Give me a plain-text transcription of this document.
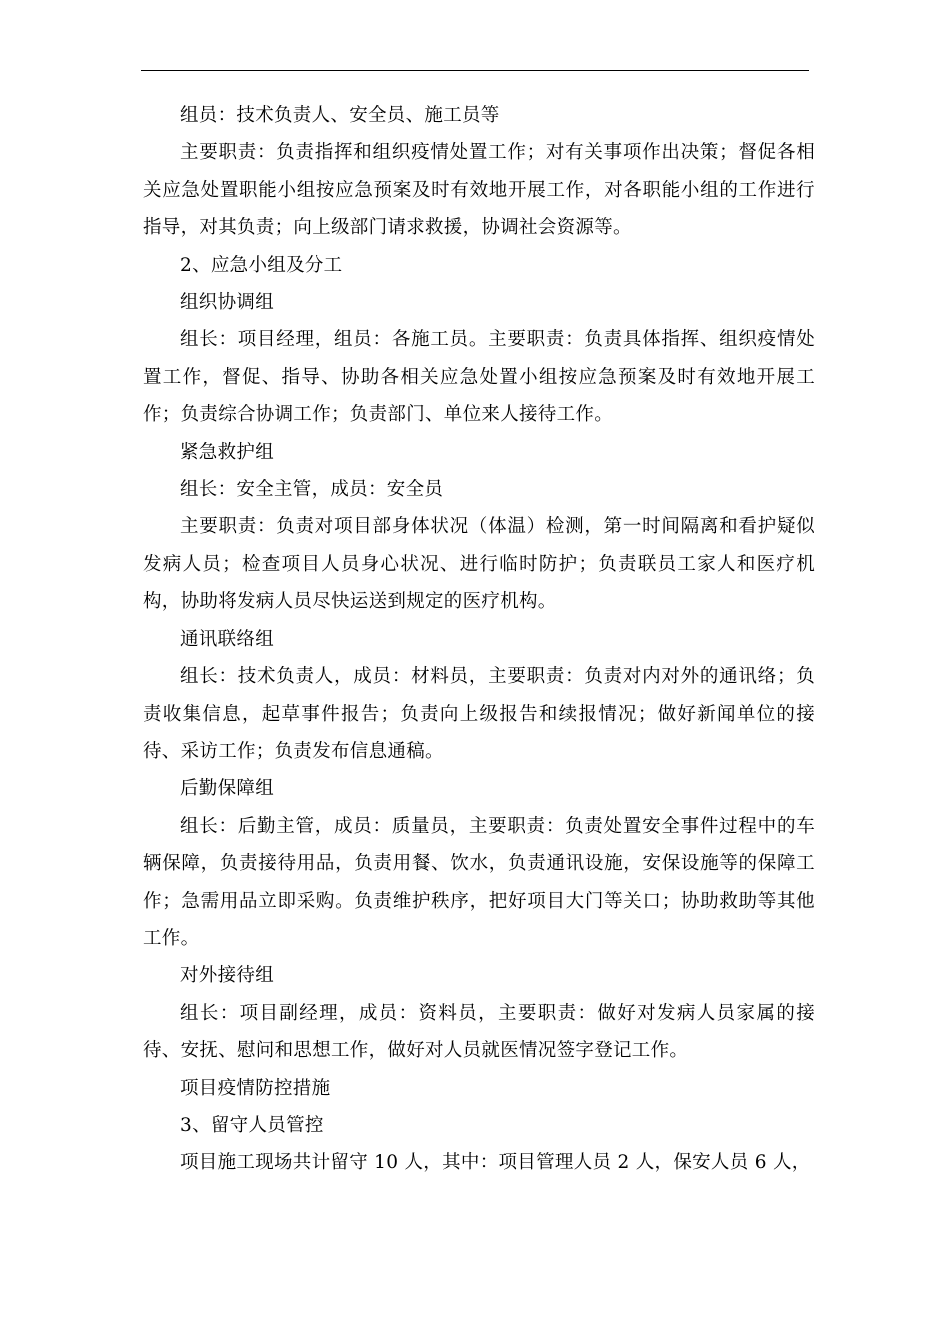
组员：技术负责人、安全员、施工员等

主要职责：负责指挥和组织疫情处置工作；对有关事项作出决策；督促各相关应急处置职能小组按应急预案及时有效地开展工作，对各职能小组的工作进行指导，对其负责；向上级部门请求救援，协调社会资源等。

2、应急小组及分工

组织协调组

组长：项目经理，组员：各施工员。主要职责：负责具体指挥、组织疫情处置工作，督促、指导、协助各相关应急处置小组按应急预案及时有效地开展工作；负责综合协调工作；负责部门、单位来人接待工作。

紧急救护组

组长：安全主管，成员：安全员

主要职责：负责对项目部身体状况（体温）检测，第一时间隔离和看护疑似发病人员；检查项目人员身心状况、进行临时防护；负责联员工家人和医疗机构，协助将发病人员尽快运送到规定的医疗机构。

通讯联络组

组长：技术负责人，成员：材料员，主要职责：负责对内对外的通讯络；负责收集信息，起草事件报告；负责向上级报告和续报情况；做好新闻单位的接待、采访工作；负责发布信息通稿。

后勤保障组

组长：后勤主管，成员：质量员，主要职责：负责处置安全事件过程中的车辆保障，负责接待用品，负责用餐、饮水，负责通讯设施，安保设施等的保障工作；急需用品立即采购。负责维护秩序，把好项目大门等关口；协助救助等其他工作。

对外接待组

组长：项目副经理，成员：资料员，主要职责：做好对发病人员家属的接待、安抚、慰问和思想工作，做好对人员就医情况签字登记工作。

项目疫情防控措施

3、留守人员管控

项目施工现场共计留守 10 人，其中：项目管理人员 2 人，保安人员 6 人，
